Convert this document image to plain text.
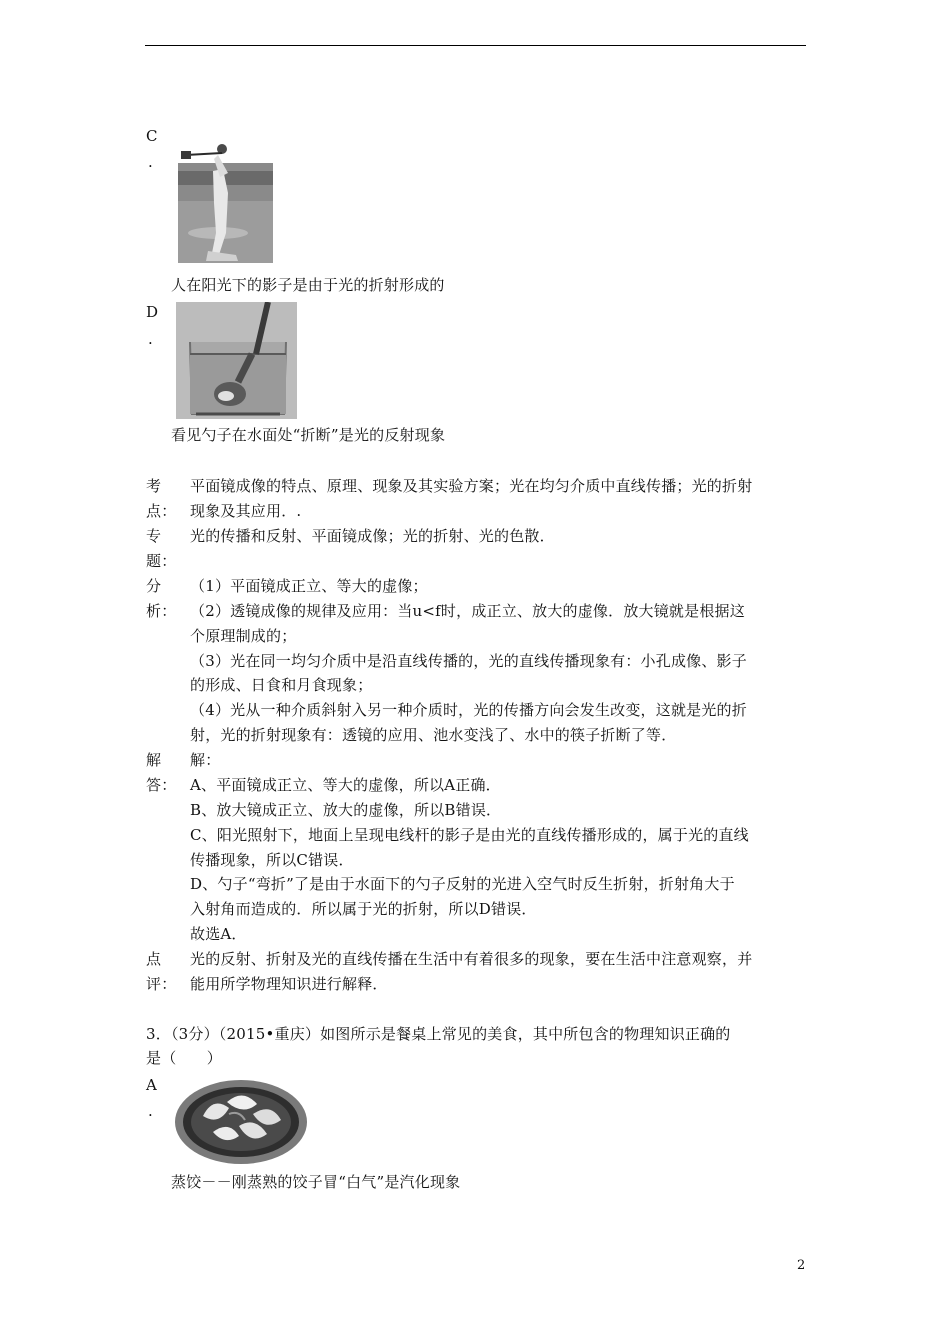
C
.
人在阳光下的影子是由于光的折射形成的
D
.
看见勺子在水面处“折断”是光的反射现象
考
点：
平面镜成像的特点、原理、现象及其实验方案；光在均匀介质中直线传播；光的折射
现象及其应用．.
专
题：
光的传播和反射、平面镜成像；光的折射、光的色散．
分
析：
（1）平面镜成正立、等大的虚像；
（2）透镜成像的规律及应用：当u<f时，成正立、放大的虚像．放大镜就是根据这
个原理制成的；
（3）光在同一均匀介质中是沿直线传播的，光的直线传播现象有：小孔成像、影子
的形成、日食和月食现象；
（4）光从一种介质斜射入另一种介质时，光的传播方向会发生改变，这就是光的折
射，光的折射现象有：透镜的应用、池水变浅了、水中的筷子折断了等．
解
答：
解：
A、平面镜成正立、等大的虚像，所以A正确．
B、放大镜成正立、放大的虚像，所以B错误．
C、阳光照射下，地面上呈现电线杆的影子是由光的直线传播形成的，属于光的直线
传播现象，所以C错误．
D、勺子“弯折”了是由于水面下的勺子反射的光进入空气时反生折射，折射角大于
入射角而造成的．所以属于光的折射，所以D错误．
故选A．
点
评：
光的反射、折射及光的直线传播在生活中有着很多的现象，要在生活中注意观察，并
能用所学物理知识进行解释．
3．（3分）（2015•重庆）如图所示是餐桌上常见的美食，其中所包含的物理知识正确的
是（　　）
A
.
蒸饺－－刚蒸熟的饺子冒“白气”是汽化现象
2
